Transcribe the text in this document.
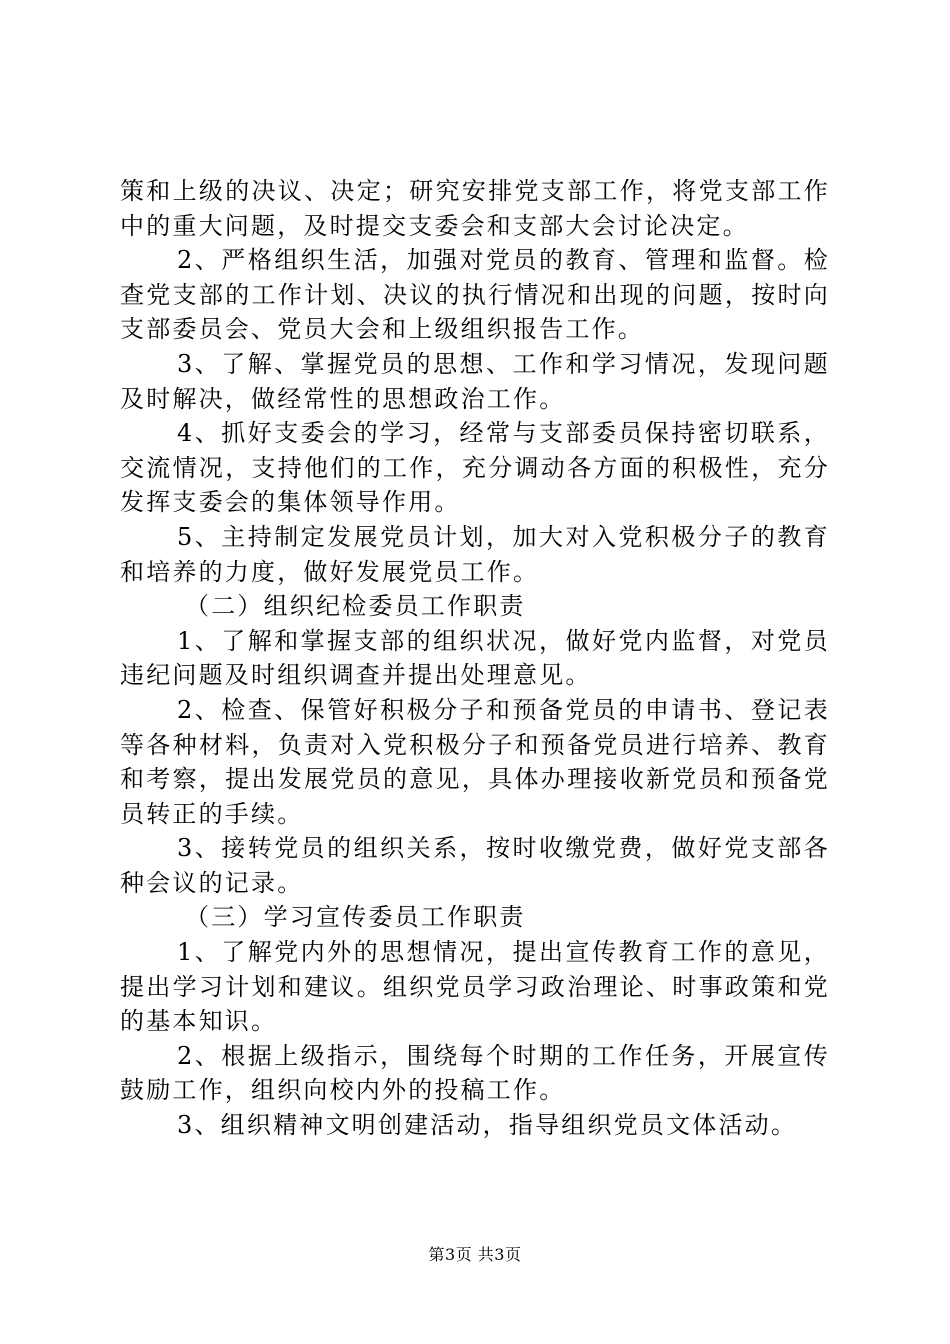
策和上级的决议、决定；研究安排党支部工作，将党支部工作中的重大问题，及时提交支委会和支部大会讨论决定。

2、严格组织生活，加强对党员的教育、管理和监督。检查党支部的工作计划、决议的执行情况和出现的问题，按时向支部委员会、党员大会和上级组织报告工作。

3、了解、掌握党员的思想、工作和学习情况，发现问题及时解决，做经常性的思想政治工作。

4、抓好支委会的学习，经常与支部委员保持密切联系，交流情况，支持他们的工作，充分调动各方面的积极性，充分发挥支委会的集体领导作用。

5、主持制定发展党员计划，加大对入党积极分子的教育和培养的力度，做好发展党员工作。

（二）组织纪检委员工作职责

1、了解和掌握支部的组织状况，做好党内监督，对党员违纪问题及时组织调查并提出处理意见。

2、检查、保管好积极分子和预备党员的申请书、登记表等各种材料，负责对入党积极分子和预备党员进行培养、教育和考察，提出发展党员的意见，具体办理接收新党员和预备党员转正的手续。

3、接转党员的组织关系，按时收缴党费，做好党支部各种会议的记录。

（三）学习宣传委员工作职责

1、了解党内外的思想情况，提出宣传教育工作的意见，提出学习计划和建议。组织党员学习政治理论、时事政策和党的基本知识。

2、根据上级指示，围绕每个时期的工作任务，开展宣传鼓励工作，组织向校内外的投稿工作。

3、组织精神文明创建活动，指导组织党员文体活动。

第3页 共3页
